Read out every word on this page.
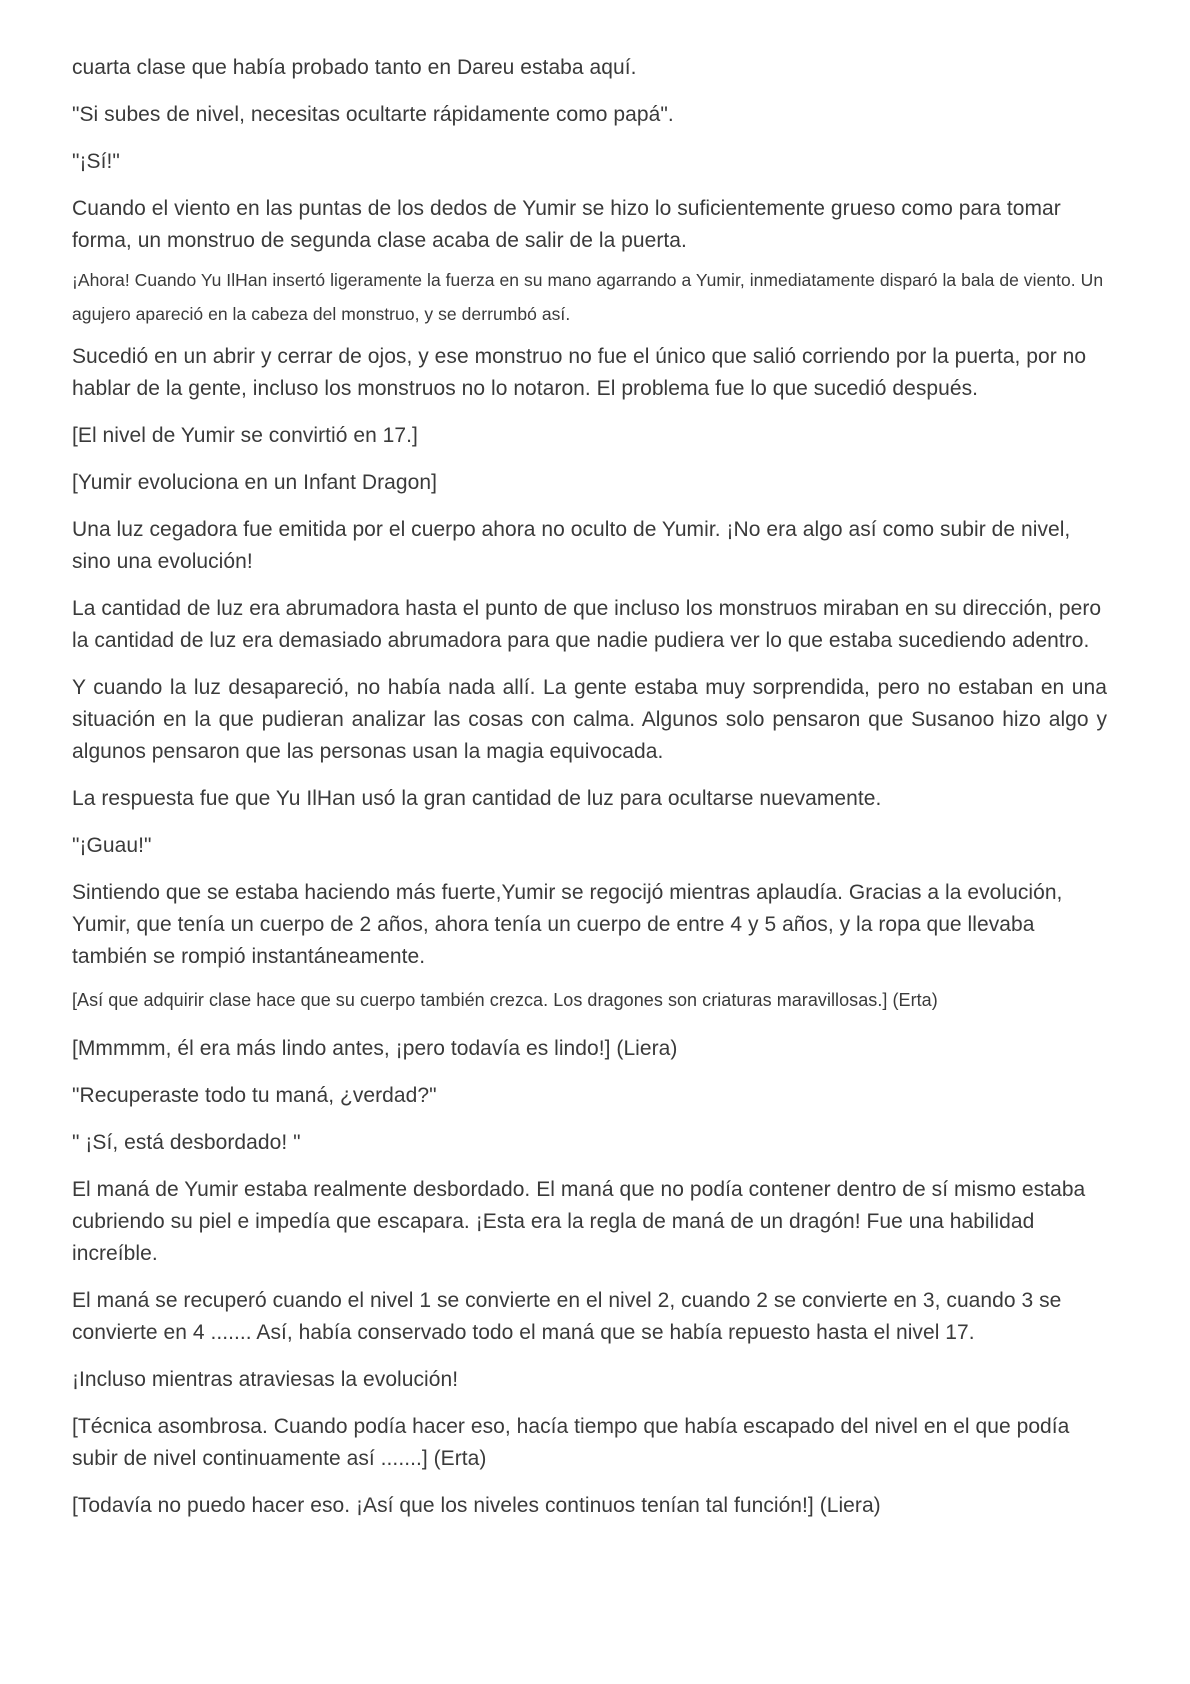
cuarta clase que había probado tanto en Dareu estaba aquí.

"Si subes de nivel, necesitas ocultarte rápidamente como papá".

"¡Sí!"

Cuando el viento en las puntas de los dedos de Yumir se hizo lo suficientemente grueso como para tomar forma, un monstruo de segunda clase acaba de salir de la puerta.

¡Ahora! Cuando Yu IlHan insertó ligeramente la fuerza en su mano agarrando a Yumir, inmediatamente disparó la bala de viento. Un agujero apareció en la cabeza del monstruo, y se derrumbó así.

Sucedió en un abrir y cerrar de ojos, y ese monstruo no fue el único que salió corriendo por la puerta, por no hablar de la gente, incluso los monstruos no lo notaron. El problema fue lo que sucedió después.

[El nivel de Yumir se convirtió en 17.]

[Yumir evoluciona en un Infant Dragon]

Una luz cegadora fue emitida por el cuerpo ahora no oculto de Yumir. ¡No era algo así como subir de nivel, sino una evolución!

La cantidad de luz era abrumadora hasta el punto de que incluso los monstruos miraban en su dirección, pero la cantidad de luz era demasiado abrumadora para que nadie pudiera ver lo que estaba sucediendo adentro.

Y cuando la luz desapareció, no había nada allí. La gente estaba muy sorprendida, pero no estaban en una situación en la que pudieran analizar las cosas con calma. Algunos solo pensaron que Susanoo hizo algo y algunos pensaron que las personas usan la magia equivocada.

La respuesta fue que Yu IlHan usó la gran cantidad de luz para ocultarse nuevamente.

"¡Guau!"

Sintiendo que se estaba haciendo más fuerte,Yumir se regocijó mientras aplaudía. Gracias a la evolución, Yumir, que tenía un cuerpo de 2 años, ahora tenía un cuerpo de entre 4 y 5 años, y la ropa que llevaba también se rompió instantáneamente.

[Así que adquirir clase hace que su cuerpo también crezca. Los dragones son criaturas maravillosas.] (Erta)

[Mmmmm, él era más lindo antes, ¡pero todavía es lindo!] (Liera)

"Recuperaste todo tu maná, ¿verdad?"

" ¡Sí, está desbordado! "

El maná de Yumir estaba realmente desbordado. El maná que no podía contener dentro de sí mismo estaba cubriendo su piel e impedía que escapara. ¡Esta era la regla de maná de un dragón! Fue una habilidad increíble.

El maná se recuperó cuando el nivel 1 se convierte en el nivel 2, cuando 2 se convierte en 3, cuando 3 se convierte en 4 ....... Así, había conservado todo el maná que se había repuesto hasta el nivel 17.

¡Incluso mientras atraviesas la evolución!

[Técnica asombrosa. Cuando podía hacer eso, hacía tiempo que había escapado del nivel en el que podía subir de nivel continuamente así .......] (Erta)

[Todavía no puedo hacer eso. ¡Así que los niveles continuos tenían tal función!] (Liera)
